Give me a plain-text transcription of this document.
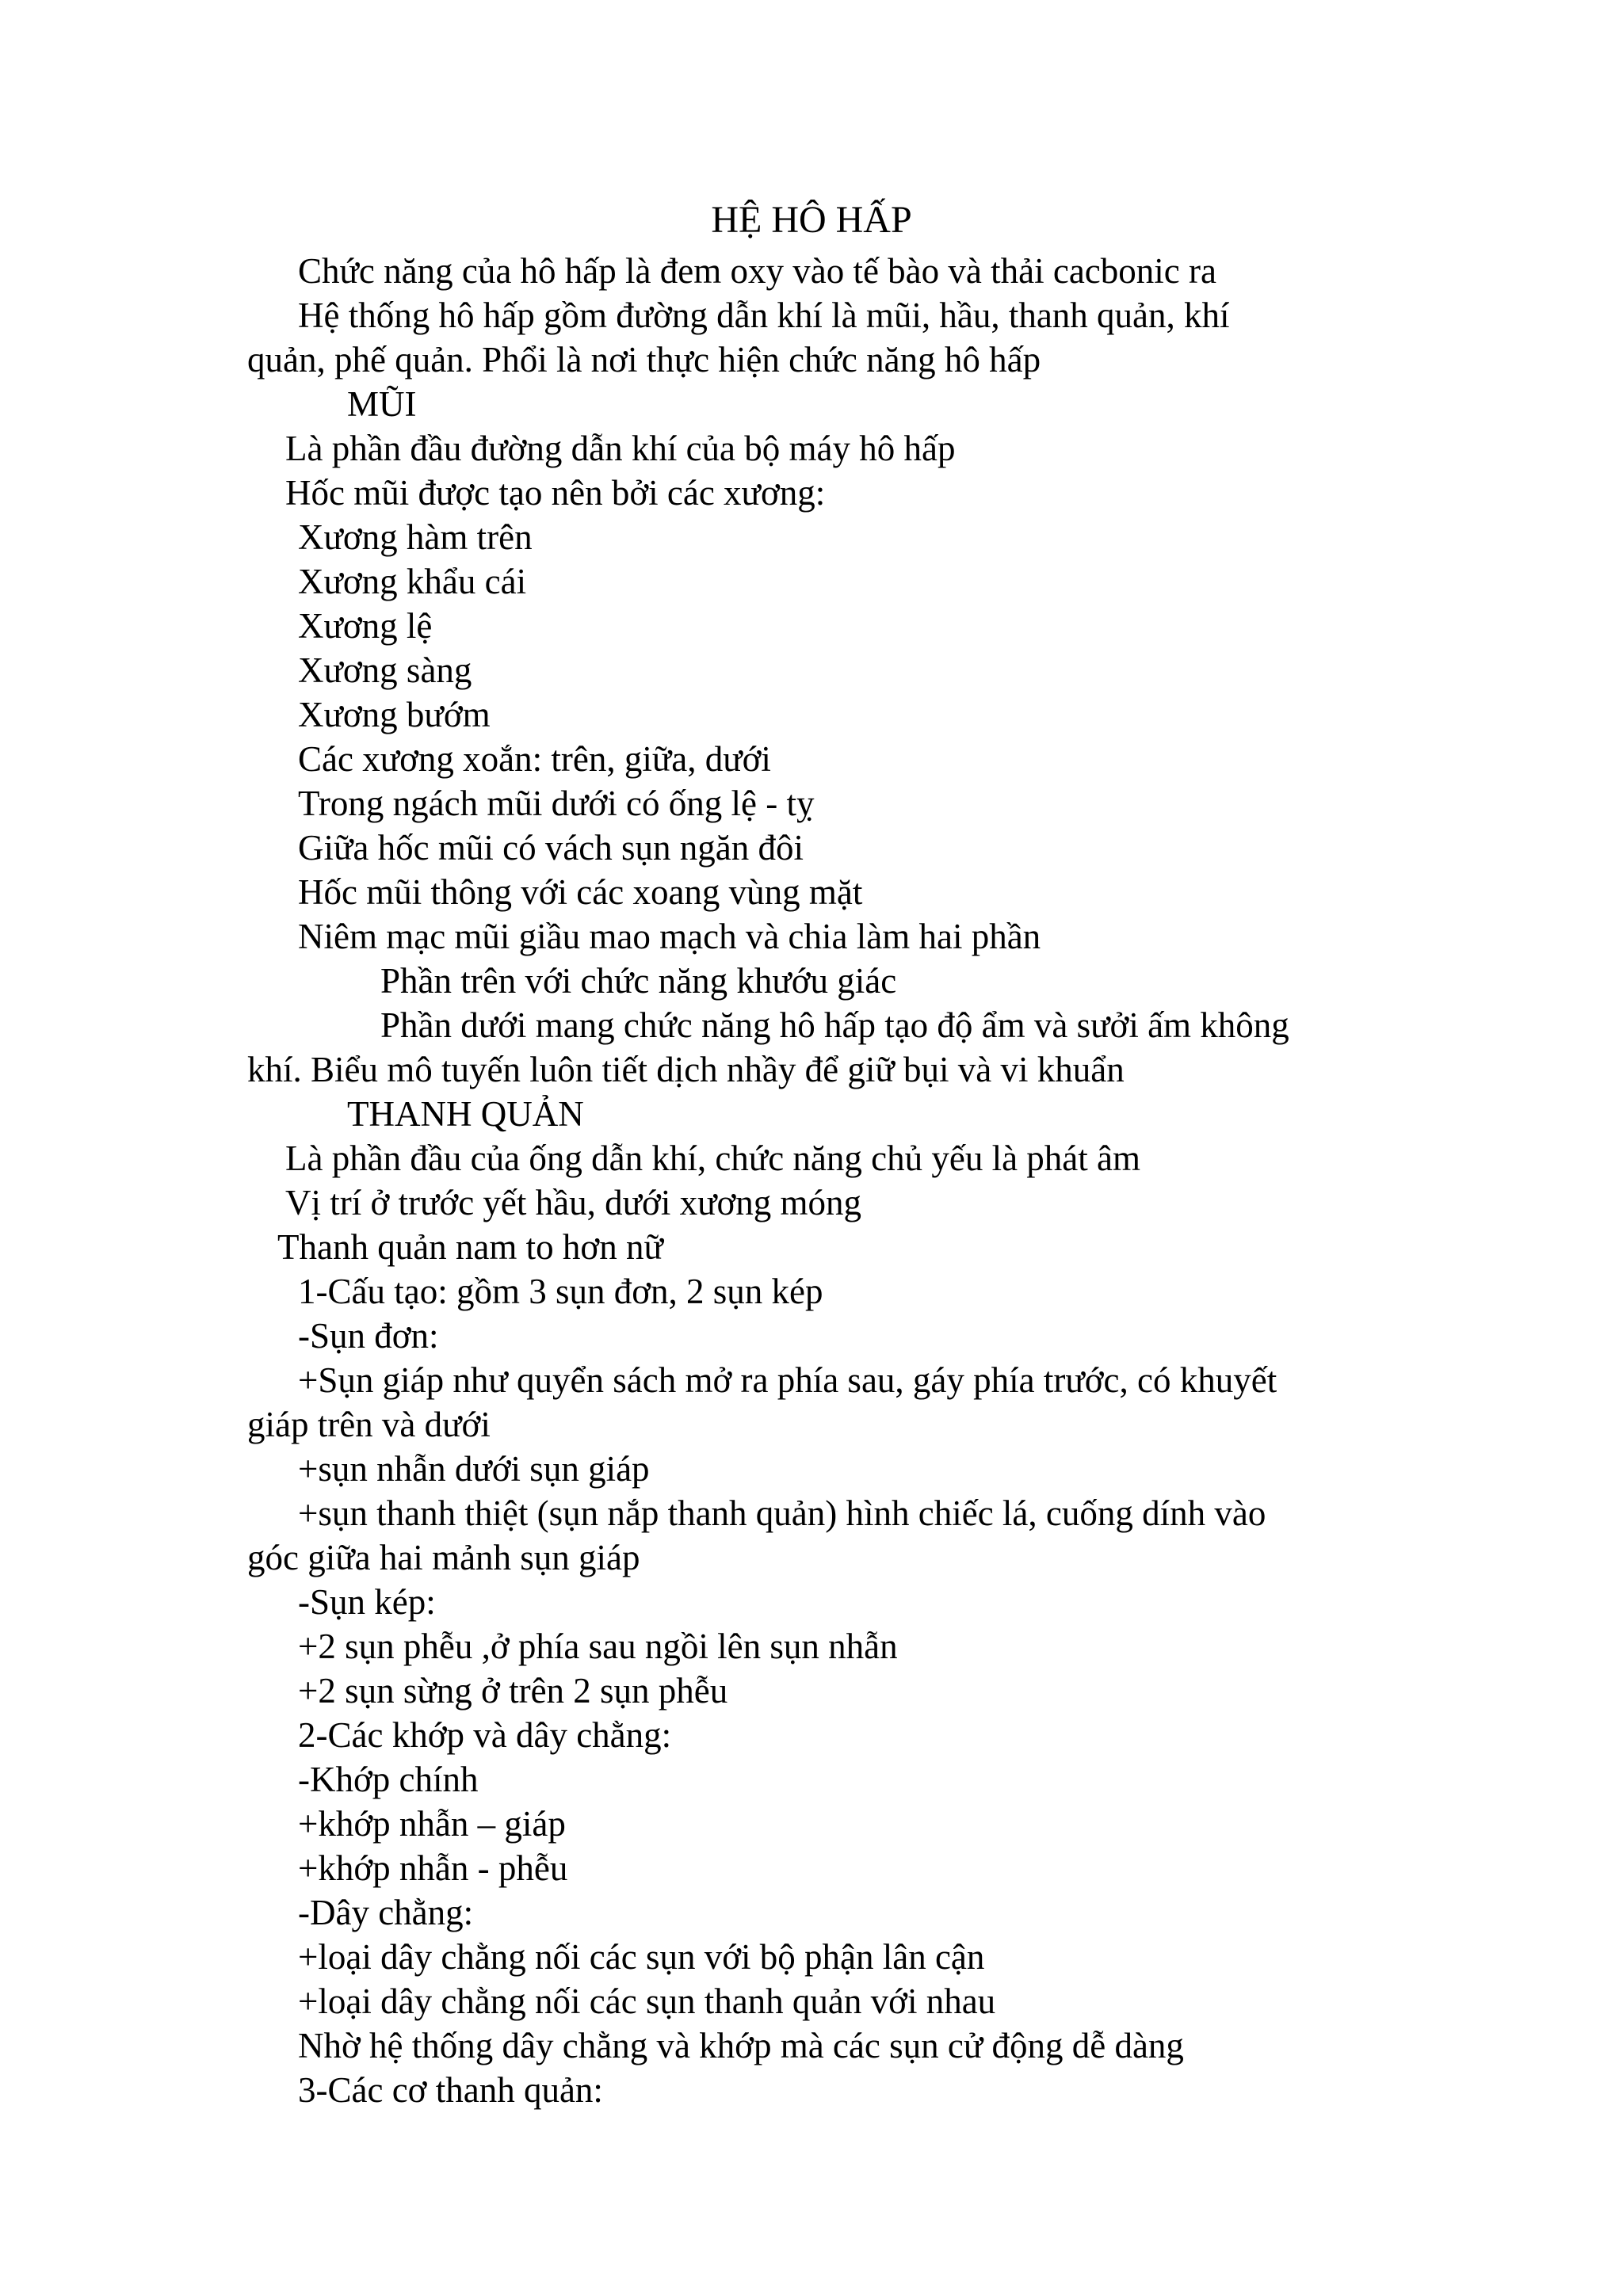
HỆ HÔ HẤP
Chức năng của hô hấp là đem oxy vào tế bào và thải cacbonic ra
Hệ thống hô hấp gồm đường dẫn khí là mũi, hầu, thanh quản, khí
quản, phế quản. Phổi là nơi thực hiện chức năng hô hấp
MŨI
Là phần đầu đường dẫn khí của bộ máy hô hấp
Hốc mũi được tạo nên bởi các xương:
Xương hàm trên
Xương khẩu cái
Xương lệ
Xương sàng
Xương bướm
Các xương xoắn: trên, giữa, dưới
Trong ngách mũi dưới có ống lệ - tỵ
Giữa hốc mũi có vách sụn ngăn đôi
Hốc mũi thông với các xoang vùng mặt
Niêm mạc mũi giầu mao mạch và chia làm hai phần
Phần trên với chức năng khướu giác
Phần dưới mang chức năng hô hấp tạo độ ẩm và sưởi ấm không
khí. Biểu mô tuyến luôn tiết dịch nhầy để giữ bụi và vi khuẩn
THANH QUẢN
Là phần đầu của ống dẫn khí, chức năng chủ yếu là phát âm
Vị trí ở trước yết hầu, dưới xương móng
Thanh quản nam to hơn nữ
1-Cấu tạo: gồm 3 sụn đơn, 2 sụn kép
-Sụn đơn:
+Sụn giáp như quyển sách mở ra phía sau, gáy phía trước, có khuyết
giáp trên và dưới
+sụn nhẫn dưới sụn giáp
+sụn thanh thiệt (sụn nắp thanh quản) hình chiếc lá, cuống dính vào
góc giữa hai mảnh sụn giáp
-Sụn kép:
+2 sụn phễu ,ở phía sau ngồi lên sụn nhẫn
+2 sụn sừng ở trên 2 sụn phễu
2-Các khớp và dây chằng:
-Khớp chính
+khớp nhẫn – giáp
+khớp nhẫn - phễu
-Dây chằng:
+loại dây chằng nối các sụn với bộ phận lân cận
+loại dây chằng nối các sụn thanh quản với nhau
Nhờ hệ thống dây chằng và khớp mà các sụn cử động dễ dàng
3-Các cơ thanh quản:
